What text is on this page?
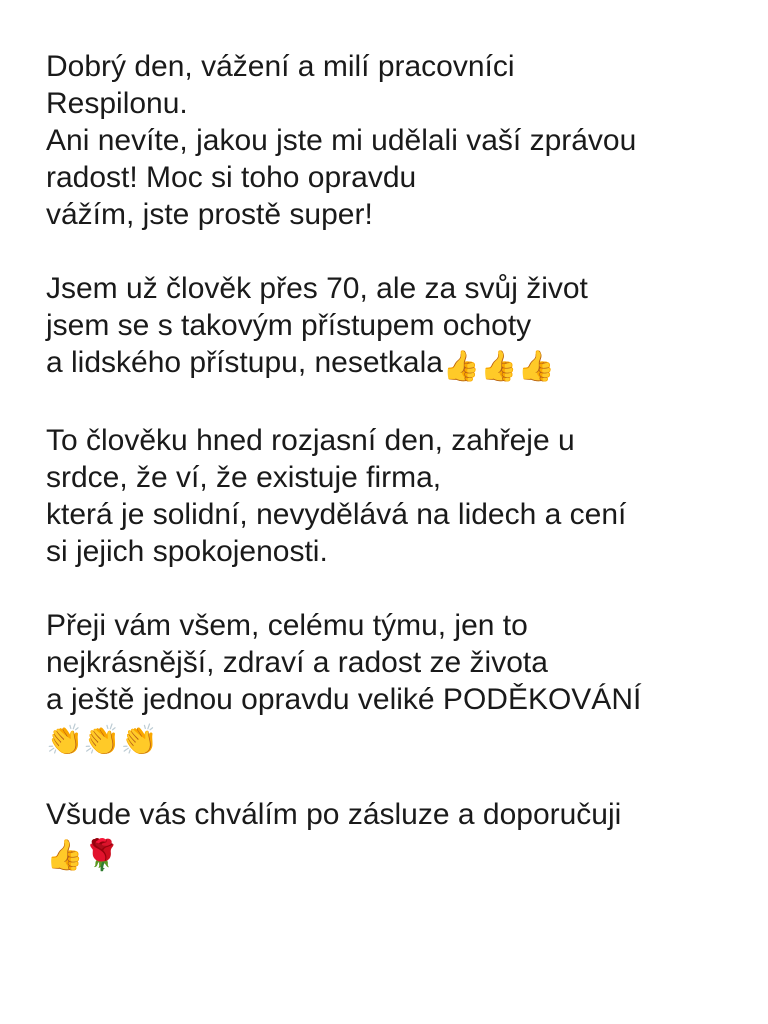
Dobrý den, vážení a milí pracovníci
Respilonu.
Ani nevíte, jakou jste mi udělali vaší zprávou
radost! Moc si toho opravdu
vážím, jste prostě super!
Jsem už člověk přes 70, ale za svůj život
jsem se s takovým přístupem ochoty
a lidského přístupu, nesetkala👍👍👍
To člověku hned rozjasní den, zahřeje u
srdce, že ví, že existuje firma,
která je solidní, nevydělává na lidech a cení
si jejich spokojenosti.
Přeji vám všem, celému týmu, jen to
nejkrásnější, zdraví a radost ze života
a ještě jednou opravdu veliké PODĚKOVÁNÍ
👏👏👏
Všude vás chválím po zásluze a doporučuji
👍🌹
